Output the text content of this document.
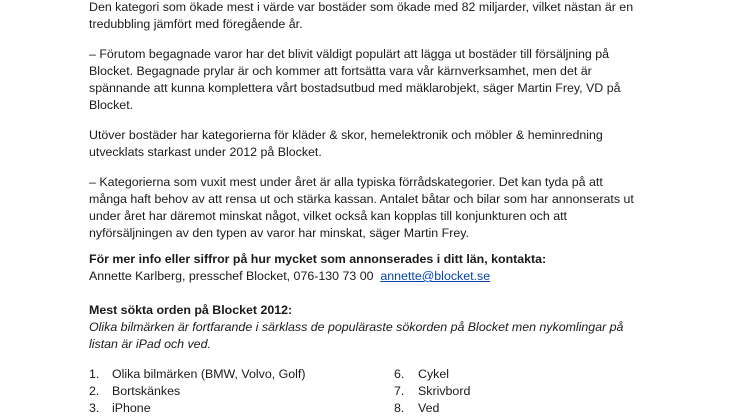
Den kategori som ökade mest i värde var bostäder som ökade med 82 miljarder, vilket nästan är en
tredubbling jämfört med föregående år.
– Förutom begagnade varor har det blivit väldigt populärt att lägga ut bostäder till försäljning på
Blocket. Begagnade prylar är och kommer att fortsätta vara vår kärnverksamhet, men det är
spännande att kunna komplettera vårt bostadsutbud med mäklarobjekt, säger Martin Frey, VD på
Blocket.
Utöver bostäder har kategorierna för kläder & skor, hemelektronik och möbler & heminredning
utvecklats starkast under 2012 på Blocket.
– Kategorierna som vuxit mest under året är alla typiska förrådskategorier. Det kan tyda på att
många haft behov av att rensa ut och stärka kassan. Antalet båtar och bilar som har annonserats ut
under året har däremot minskat något, vilket också kan kopplas till konjunkturen och att
nyförsäljningen av den typen av varor har minskat, säger Martin Frey.
För mer info eller siffror på hur mycket som annonserades i ditt län, kontakta:
Annette Karlberg, presschef Blocket, 076-130 73 00 annette@blocket.se
Mest sökta orden på Blocket 2012:
Olika bilmärken är fortfarande i särklass de populäraste sökorden på Blocket men nykomlingar på
listan är iPad och ved.
1. Olika bilmärken (BMW, Volvo, Golf)
2. Bortskänkes
3. iPhone
6. Cykel
7. Skrivbord
8. Ved
